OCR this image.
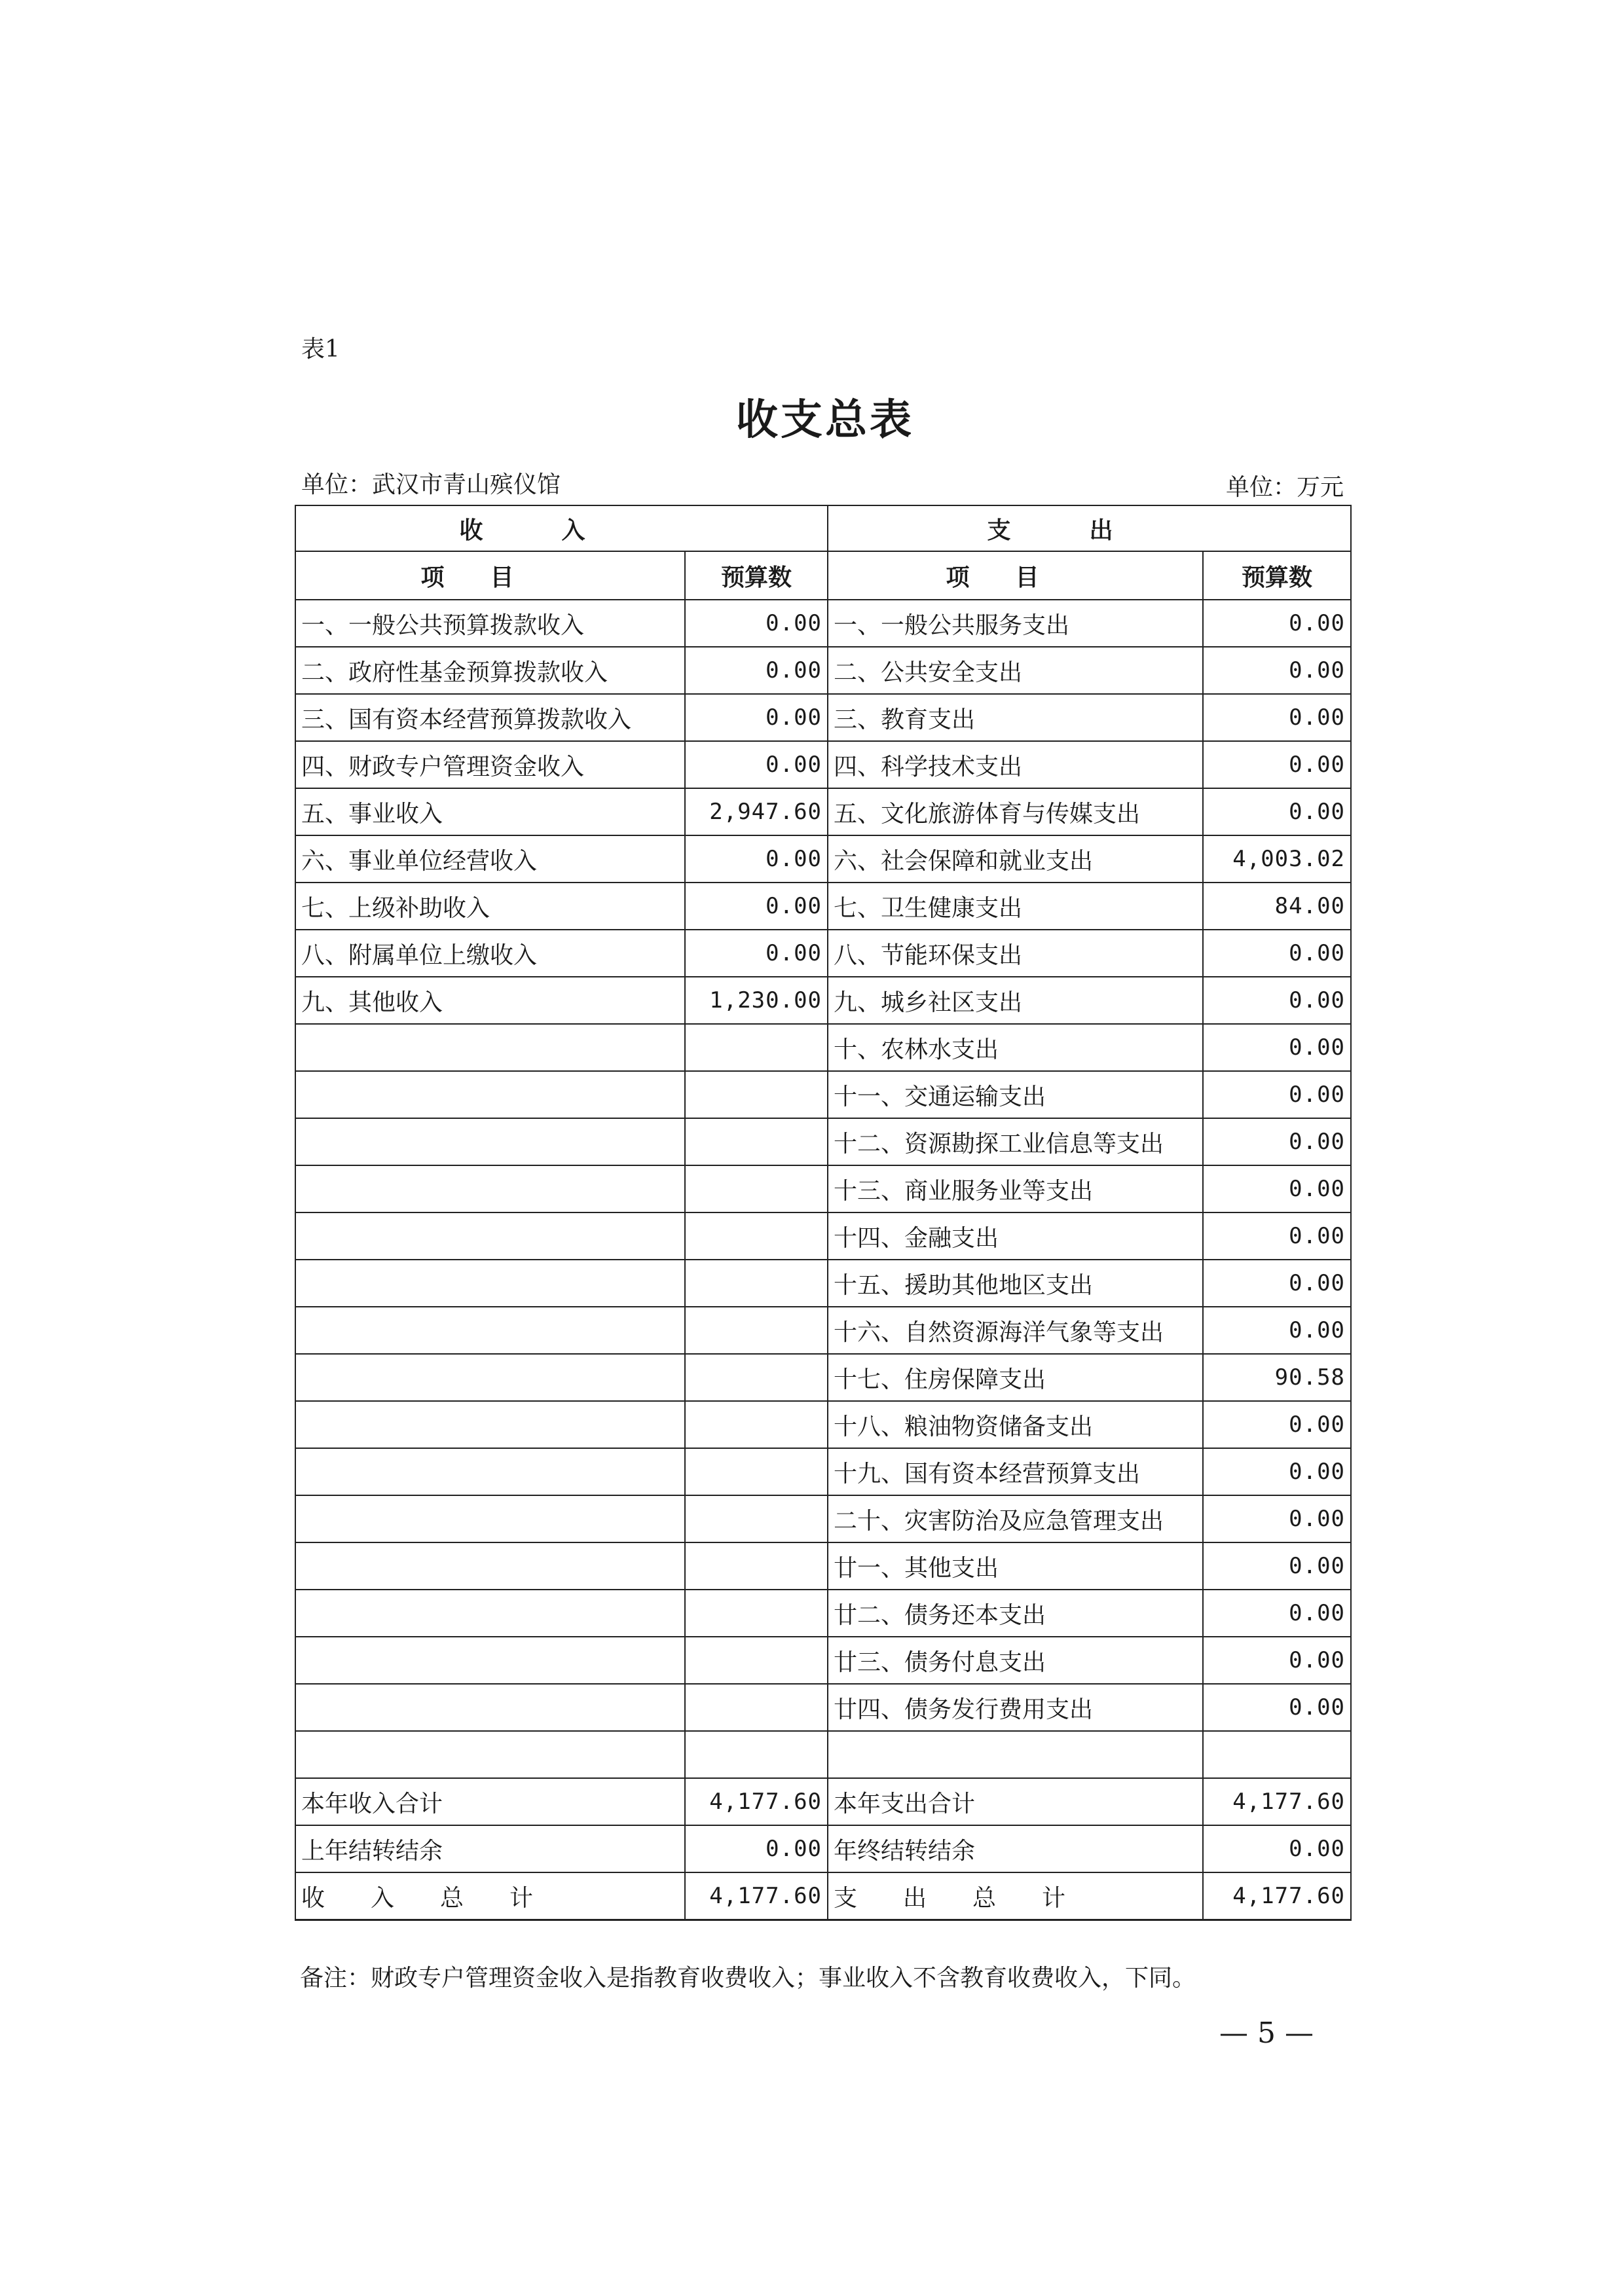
表1
收支总表
单位：武汉市青山殡仪馆	单位：万元
收入		支出	
项目	预算数	项目	预算数
一、一般公共预算拨款收入	0.00	一、一般公共服务支出	0.00
二、政府性基金预算拨款收入	0.00	二、公共安全支出	0.00
三、国有资本经营预算拨款收入	0.00	三、教育支出	0.00
四、财政专户管理资金收入	0.00	四、科学技术支出	0.00
五、事业收入	2,947.60	五、文化旅游体育与传媒支出	0.00
六、事业单位经营收入	0.00	六、社会保障和就业支出	4,003.02
七、上级补助收入	0.00	七、卫生健康支出	84.00
八、附属单位上缴收入	0.00	八、节能环保支出	0.00
九、其他收入	1,230.00	九、城乡社区支出	0.00
		十、农林水支出	0.00
		十一、交通运输支出	0.00
		十二、资源勘探工业信息等支出	0.00
		十三、商业服务业等支出	0.00
		十四、金融支出	0.00
		十五、援助其他地区支出	0.00
		十六、自然资源海洋气象等支出	0.00
		十七、住房保障支出	90.58
		十八、粮油物资储备支出	0.00
		十九、国有资本经营预算支出	0.00
		二十、灾害防治及应急管理支出	0.00
		廿一、其他支出	0.00
		廿二、债务还本支出	0.00
		廿三、债务付息支出	0.00
		廿四、债务发行费用支出	0.00

本年收入合计	4,177.60	本年支出合计	4,177.60
上年结转结余	0.00	年终结转结余	0.00
收入总计	4,177.60	支出总计	4,177.60
备注：财政专户管理资金收入是指教育收费收入；事业收入不含教育收费收入，下同。
— 5 —
